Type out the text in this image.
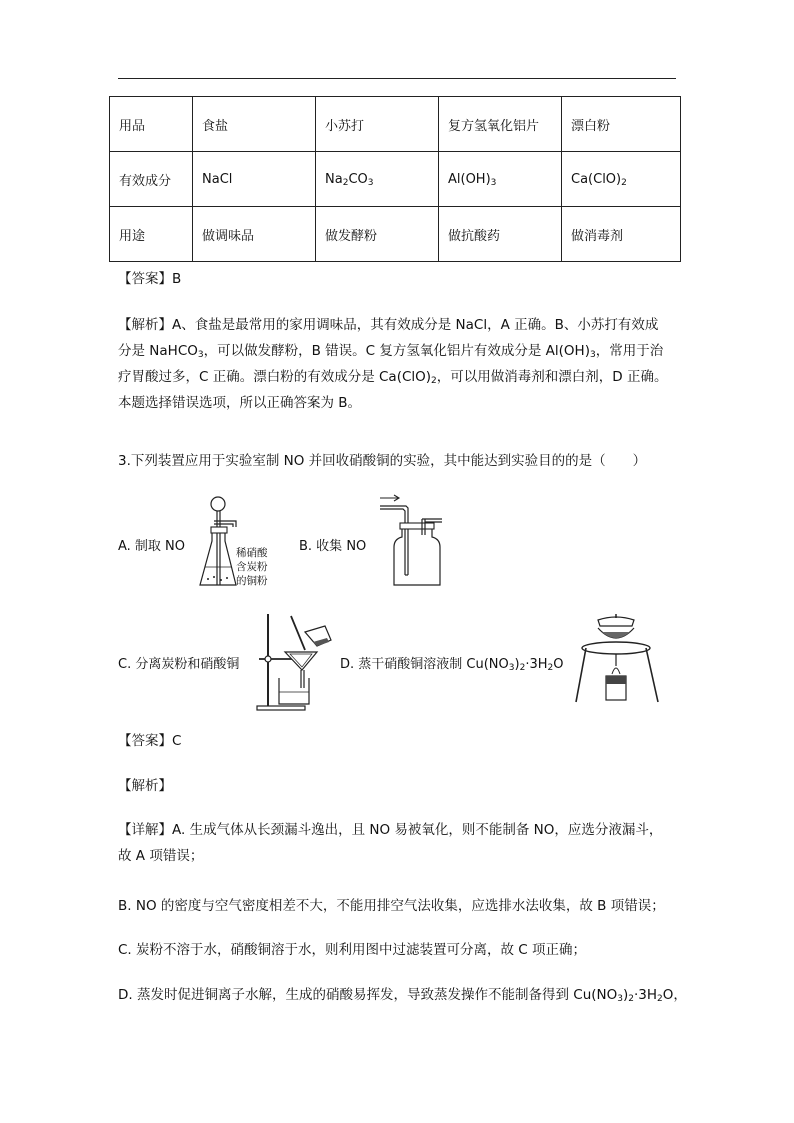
用品	食盐	小苏打	复方氢氧化铝片	漂白粉
有效成分	NaCl	$Na_2CO_3$	$Al(OH)_3$	$Ca(ClO)_2$
用途	做调味品	做发酵粉	做抗酸药	做消毒剂
【答案】B
【解析】A、食盐是最常用的家用调味品，其有效成分是 NaCl，A 正确。B、小苏打有效成
分是 NaHCO$_3$，可以做发酵粉，B 错误。C 复方氢氧化铝片有效成分是 $Al(OH)_3$，常用于治
疗胃酸过多，C 正确。漂白粉的有效成分是 $Ca(ClO)_2$，可以用做消毒剂和漂白剂，D 正确。
本题选择错误选项，所以正确答案为 B。
3.下列装置应用于实验室制 NO 并回收硝酸铜的实验，其中能达到实验目的的是（　　）
A. 制取 NO	稀硝酸
含炭粉
的铜粉
B. 收集 NO
C. 分离炭粉和硝酸铜	D. 蒸干硝酸铜溶液制 $Cu(NO_3)_2\cdot 3H_2O$
【答案】C
【解析】
【详解】A. 生成气体从长颈漏斗逸出，且 NO 易被氧化，则不能制备 NO，应选分液漏斗，
故 A 项错误；
B. NO 的密度与空气密度相差不大，不能用排空气法收集，应选排水法收集，故 B 项错误；
C. 炭粉不溶于水，硝酸铜溶于水，则利用图中过滤装置可分离，故 C 项正确；
D. 蒸发时促进铜离子水解，生成的硝酸易挥发，导致蒸发操作不能制备得到 $Cu(NO_3)_2\cdot 3H_2O$，
